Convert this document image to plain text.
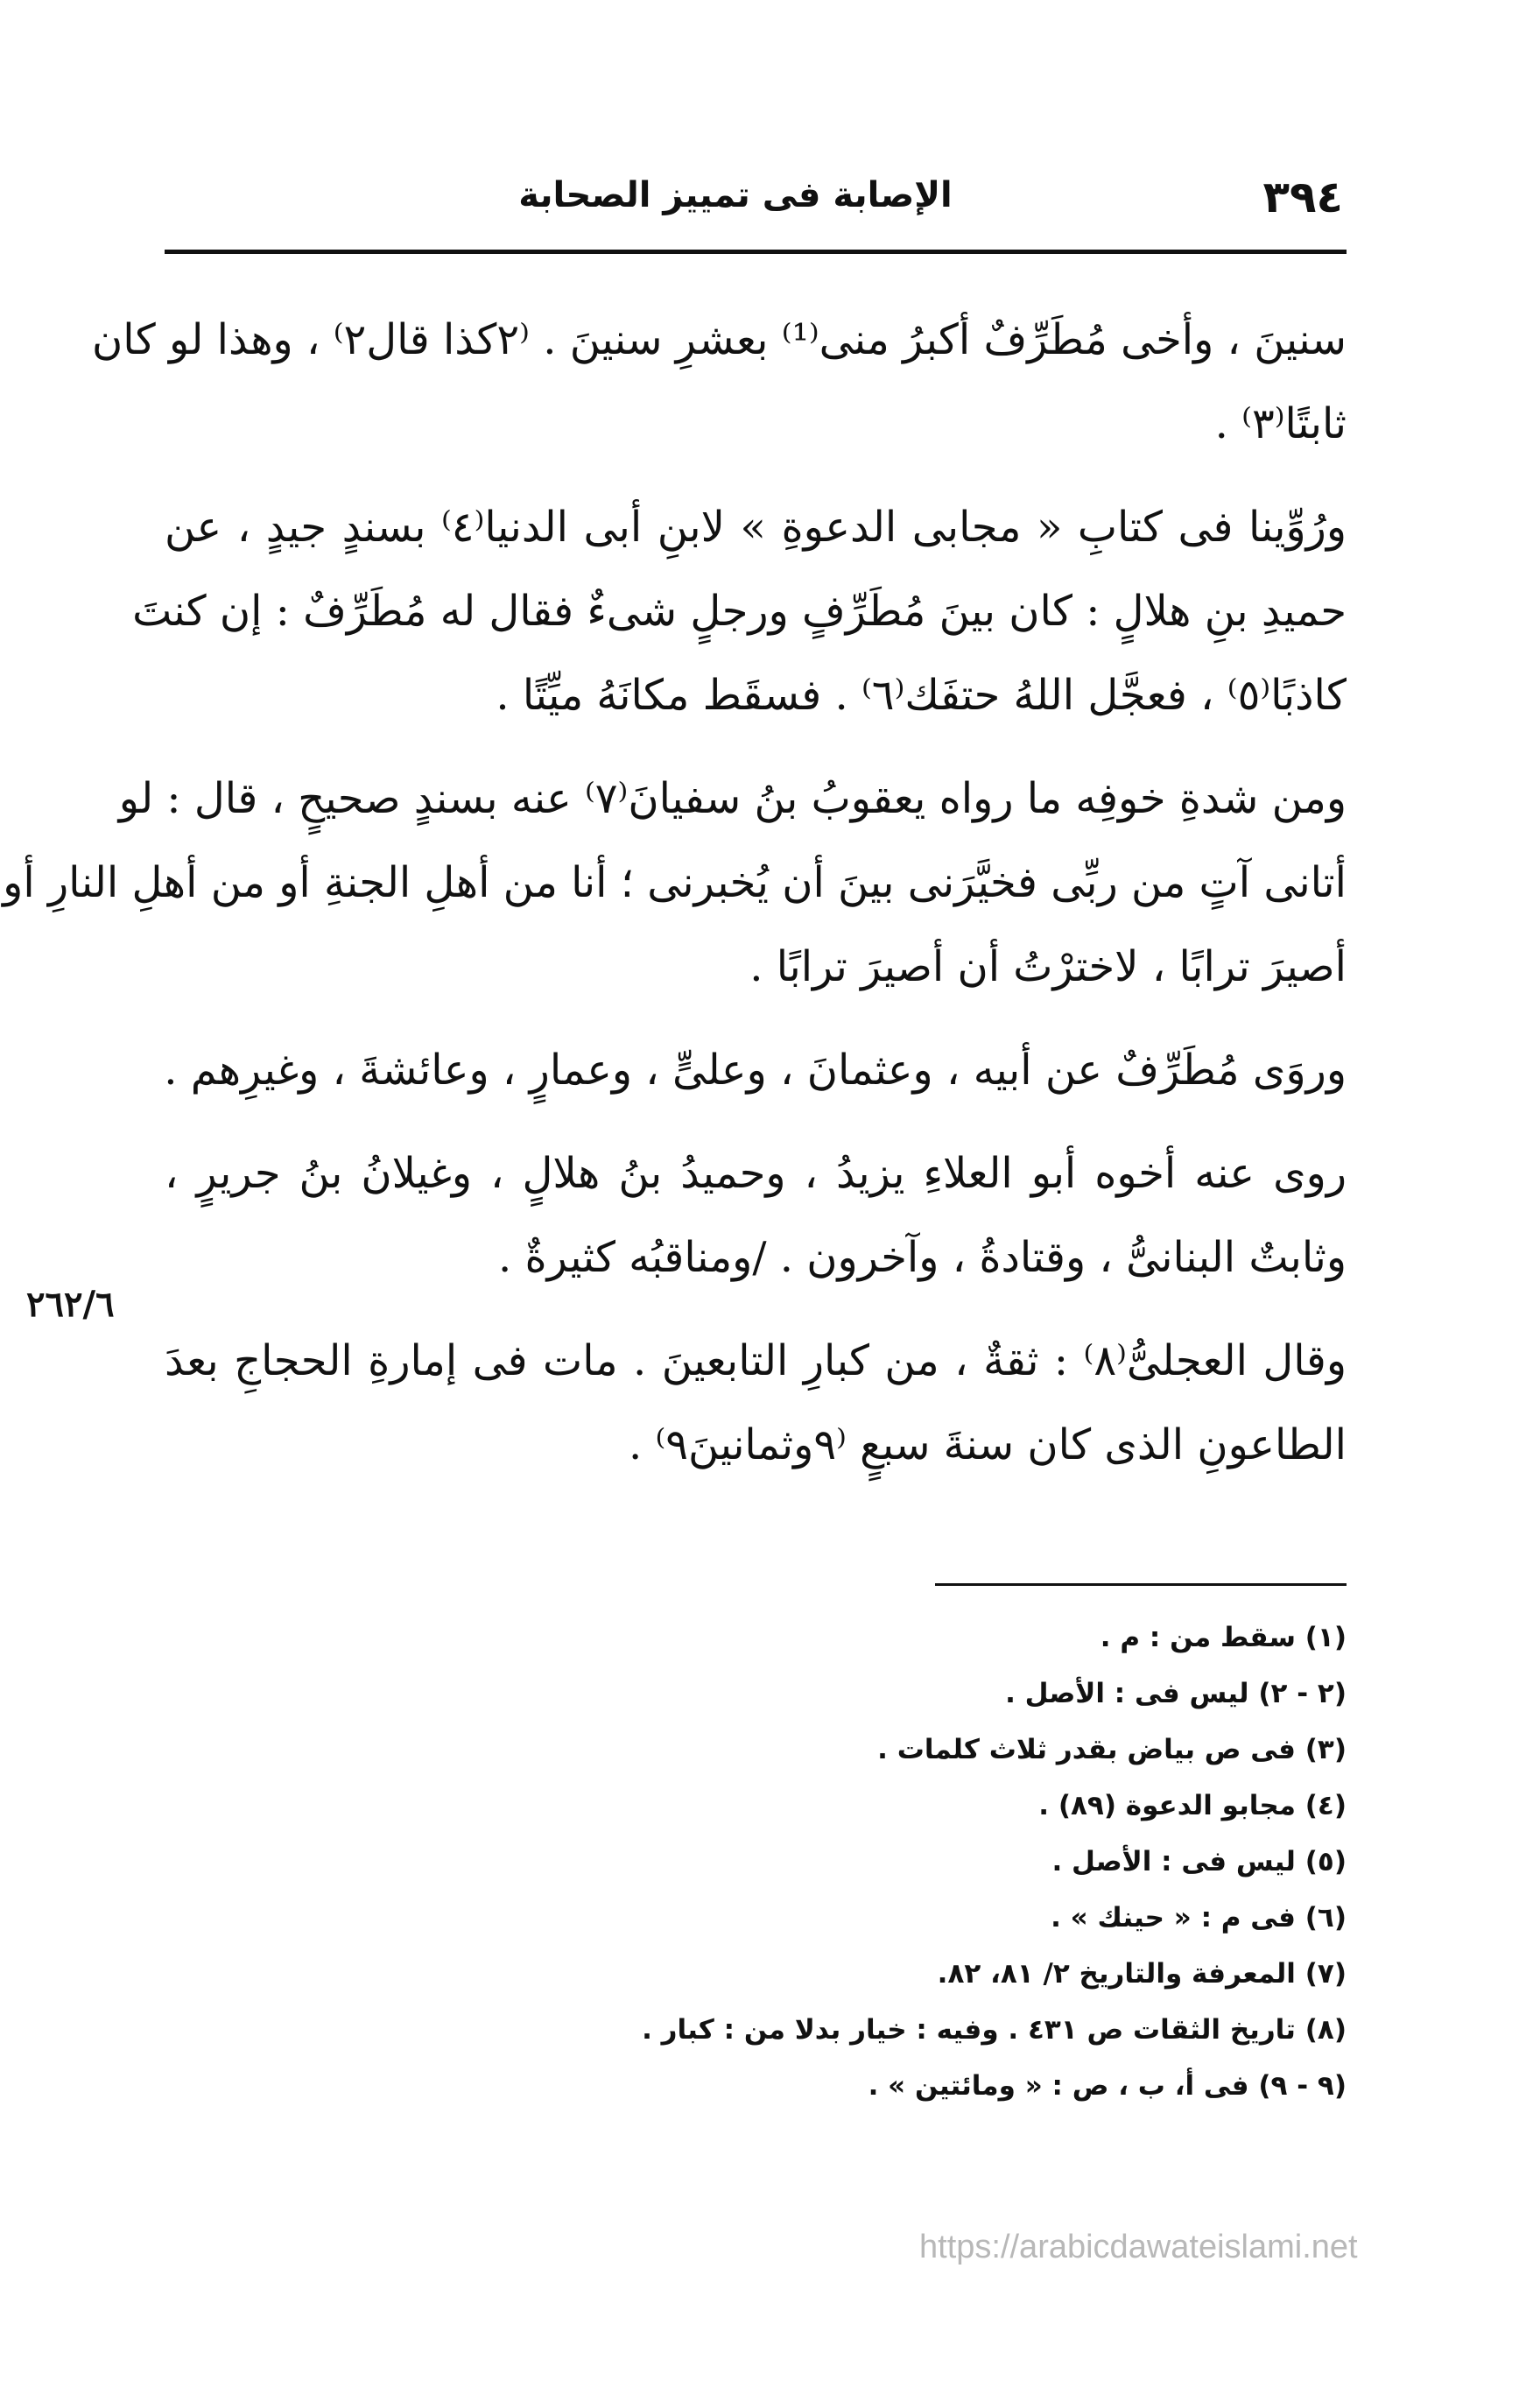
الإصابة فى تمييز الصحابة	٣٩٤
سنينَ ، وأخى مُطَرِّفٌ أكبرُ منى⁽¹⁾ بعشرِ سنينَ . ⁽٢كذا قال٢⁾ ، وهذا لو كان
ثابتًا⁽٣⁾ .
ورُوِّينا فى كتابِ « مجابى الدعوةِ » لابنِ أبى الدنيا⁽٤⁾ بسندٍ جيدٍ ، عن
حميدِ بنِ هلالٍ : كان بينَ مُطَرِّفٍ ورجلٍ شىءٌ فقال له مُطَرِّفٌ : إن كنتَ
كاذبًا⁽٥⁾ ، فعجَّل اللهُ حتفَك⁽٦⁾ . فسقَط مكانَهُ ميِّتًا .
ومن شدةِ خوفِه ما رواه يعقوبُ بنُ سفيانَ⁽٧⁾ عنه بسندٍ صحيحٍ ، قال : لو
أتانى آتٍ من ربِّى فخيَّرَنى بينَ أن يُخبرنى ؛ أنا من أهلِ الجنةِ أو من أهلِ النارِ أو
أصيرَ ترابًا ، لاخترْتُ أن أصيرَ ترابًا .
وروَى مُطَرِّفٌ عن أبيه ، وعثمانَ ، وعلىٍّ ، وعمارٍ ، وعائشةَ ، وغيرِهم .
روى عنه أخوه أبو العلاءِ يزيدُ ، وحميدُ بنُ هلالٍ ، وغيلانُ بنُ جريرٍ ،
وثابتٌ البنانىُّ ، وقتادةُ ، وآخرون . /ومناقبُه كثيرةٌ .
وقال العجلىُّ⁽٨⁾ : ثقةٌ ، من كبارِ التابعينَ . مات فى إمارةِ الحجاجِ بعدَ
الطاعونِ الذى كان سنةَ سبعٍ ⁽٩وثمانينَ٩⁾ .
٢٦٢/٦
(١) سقط من : م .
(٢ - ٢) ليس فى : الأصل .
(٣) فى ص بياض بقدر ثلاث كلمات .
(٤) مجابو الدعوة (٨٩) .
(٥) ليس فى : الأصل .
(٦) فى م : « حينك » .
(٧) المعرفة والتاريخ ٢/ ٨١، ٨٢.
(٨) تاريخ الثقات ص ٤٣١ . وفيه : خيار بدلا من : كبار .
(٩ - ٩) فى أ، ب ، ص : « ومائتين » .
https://arabicdawateislami.net
